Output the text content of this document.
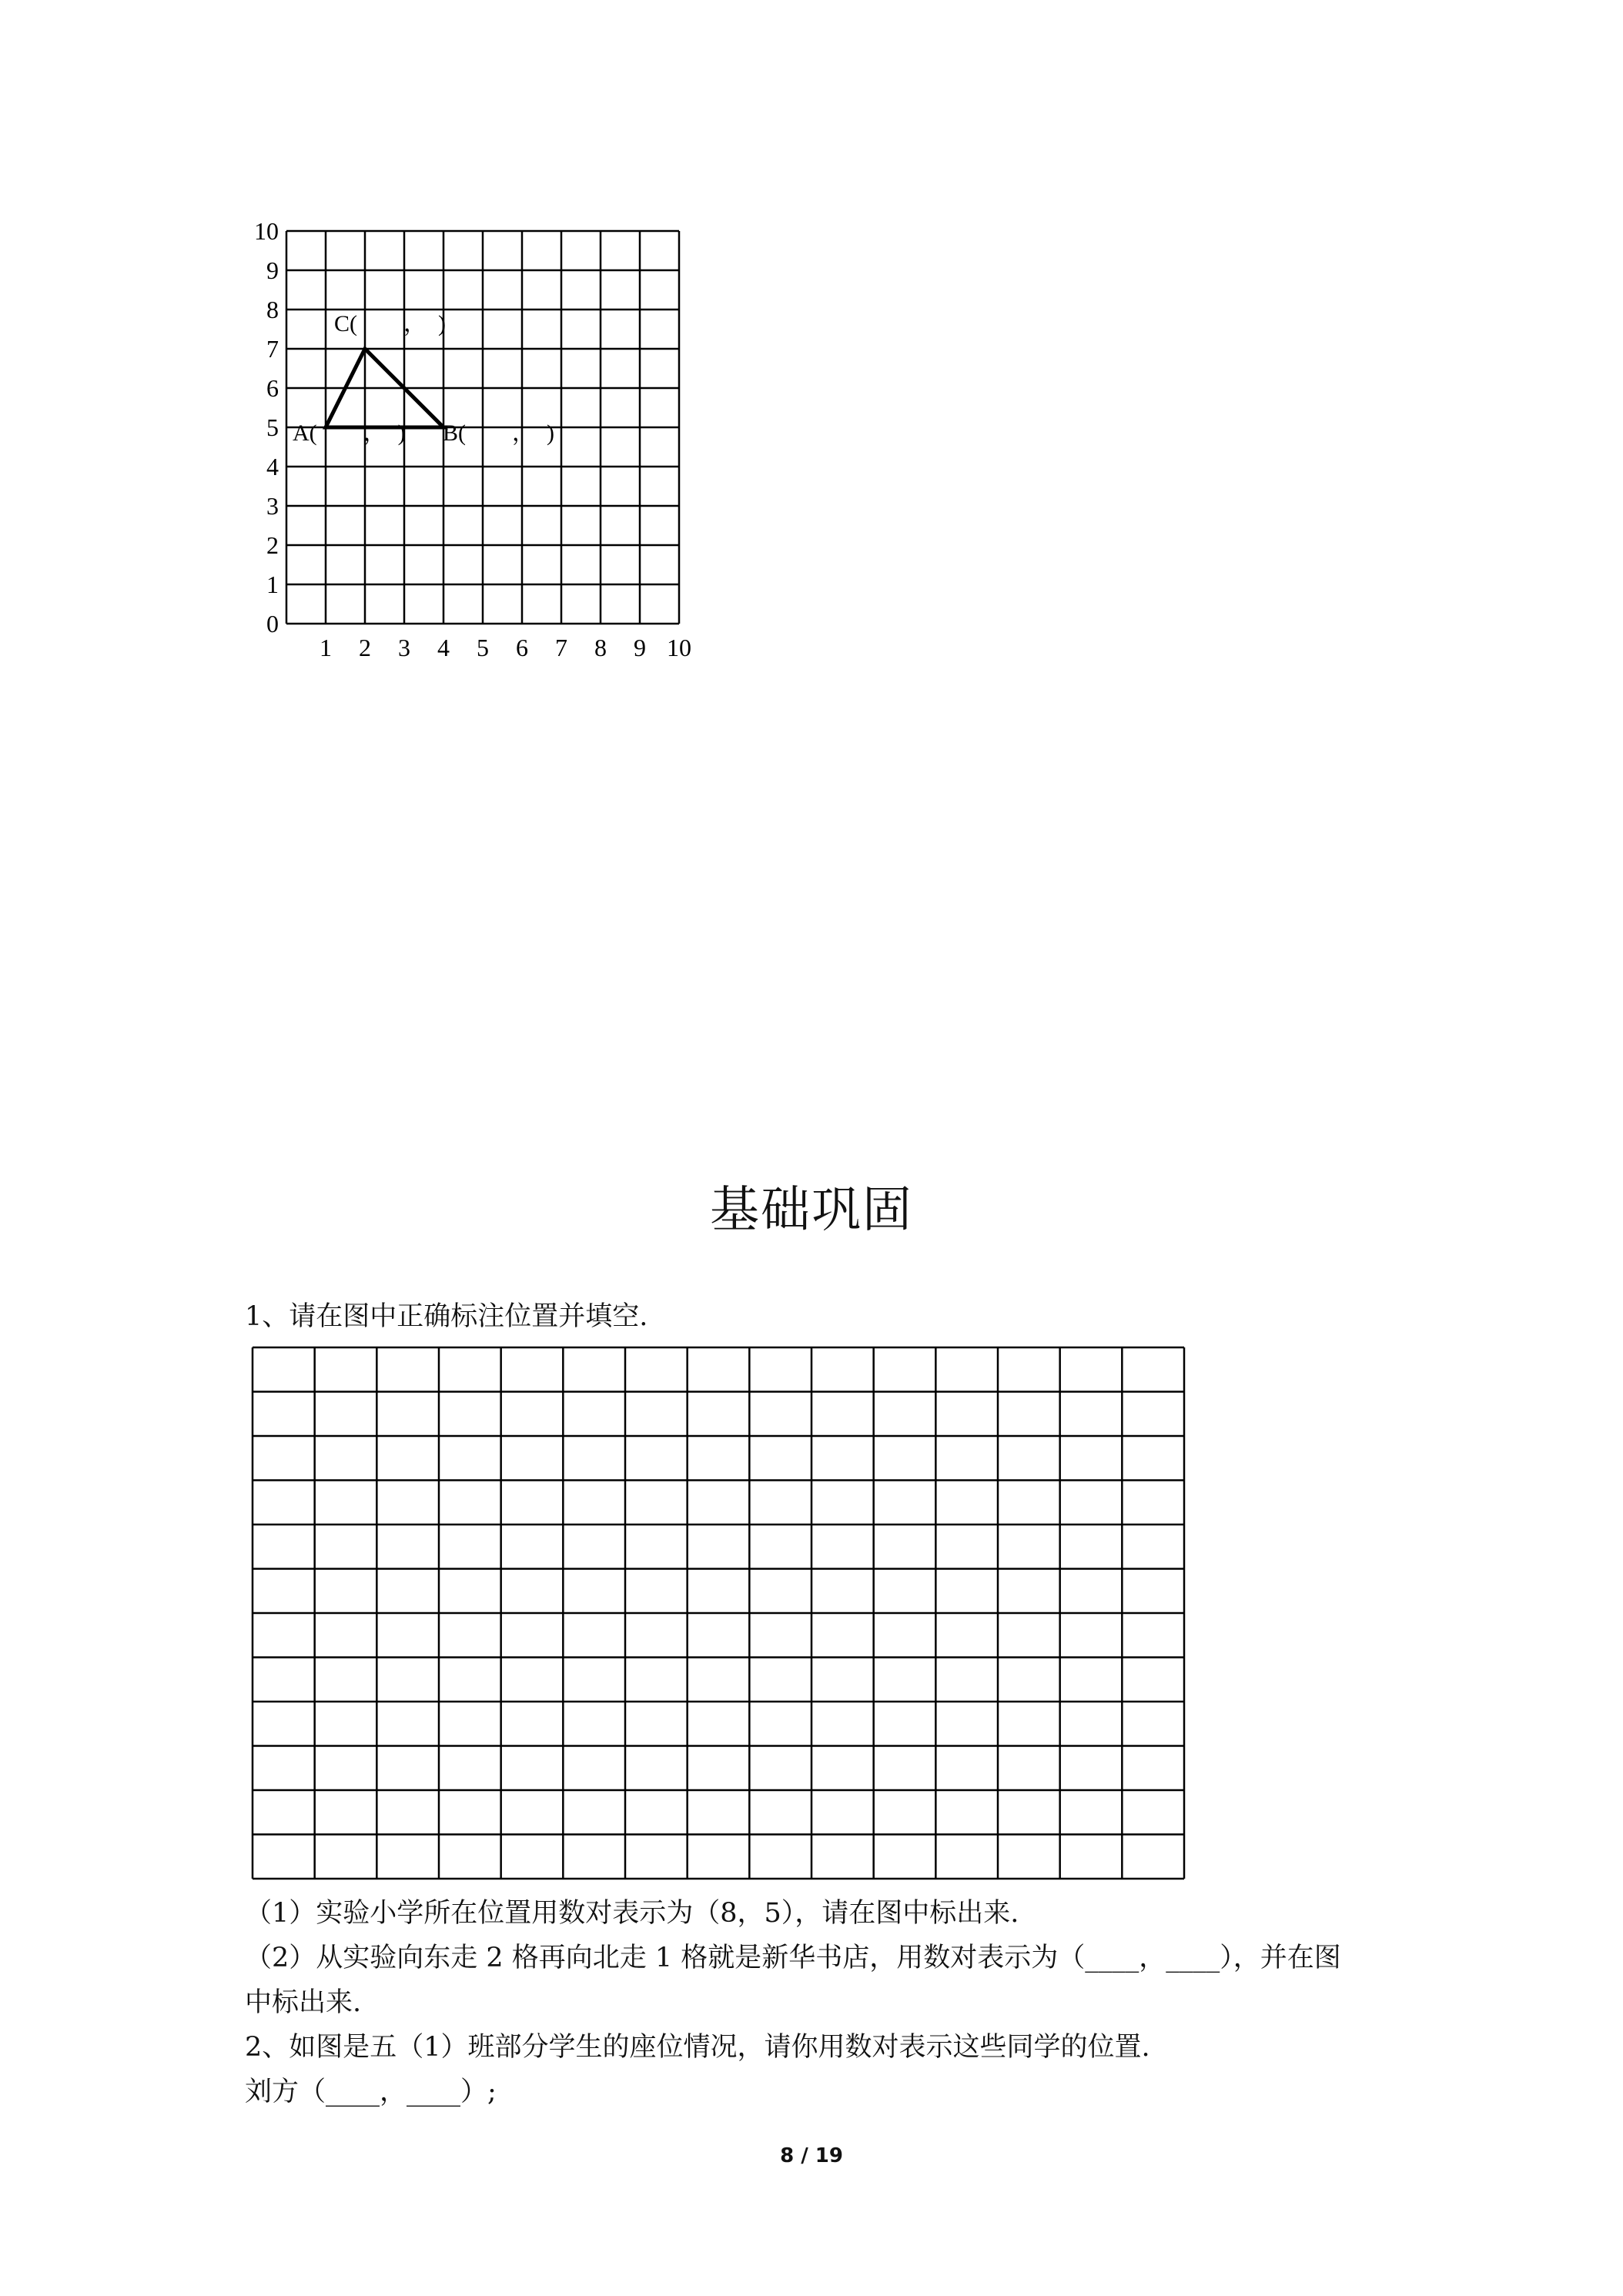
0
1
2
3
4
5
6
7
8
9
10
1 2 3 4 5 6 7 8 9 10
C(　　，　)
A(　　，　) B(　　，　)
基础巩固
1、请在图中正确标注位置并填空.
（1）实验小学所在位置用数对表示为（8，5），请在图中标出来.
（2）从实验向东走 2 格再向北走 1 格就是新华书店，用数对表示为（____，____），并在图
中标出来.
2、如图是五（1）班部分学生的座位情况，请你用数对表示这些同学的位置.
刘方（____，____）;
8 / 19
